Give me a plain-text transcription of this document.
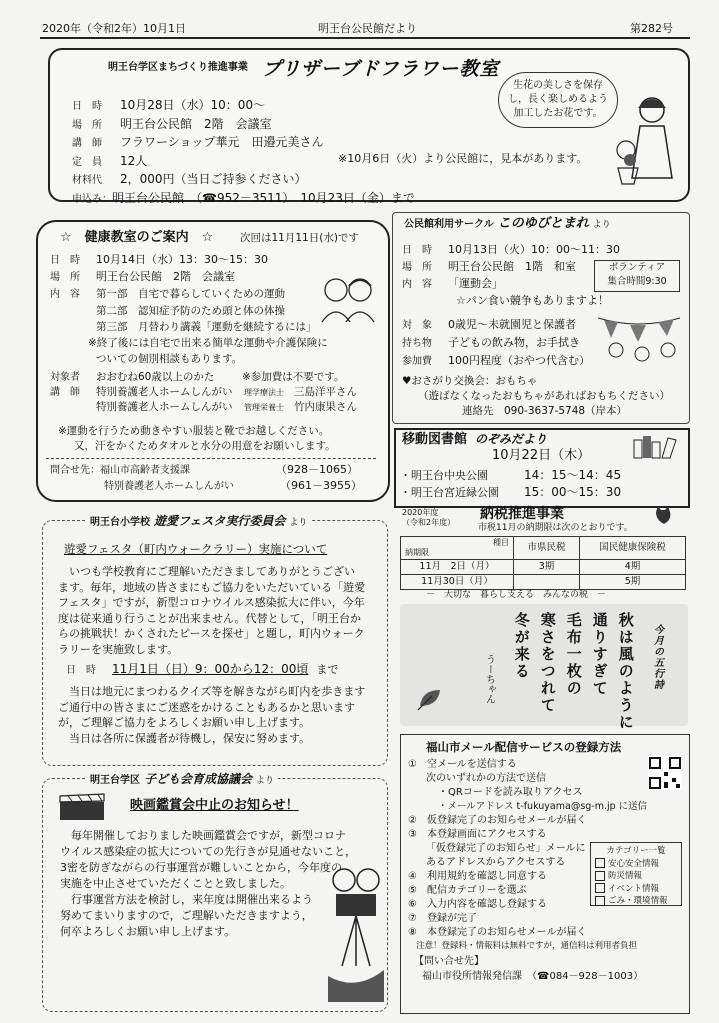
2020年（令和2年）10月1日	明王台公民館だより	第282号
明王台学区まちづくり推進事業 プリザーブドフラワー教室
日　時 10月28日（水）10：00～
場　所 明王台公民館　2階　会議室
講　師 フラワーショップ華元　田邉元美さん
定　員 12人
材料代 2，000円（当日ご持参ください）
申込み：明王台公民館　（☎952－3511）　10月23日（金）まで
※10月6日（火）より公民館に，見本があります。
生花の美しさを保存
し，長く楽しめるよう
加工したお花です。
☆　健康教室のご案内　☆	次回は11月11日(水)です
日　時 10月14日（水）13：30～15：30
場　所 明王台公民館　2階　会議室
内　容 第一部　自宅で暮らしていくための運動
第二部　認知症予防のため頭と体の体操
第三部　月替わり講義「運動を継続するには」
※終了後には自宅で出来る簡単な運動や介護保険に
ついての個別相談もあります。
対象者 おおむね60歳以上のかた	※参加費は不要です。
講　師 特別養護老人ホームしんがい 理学療法士 三島洋平さん
特別養護老人ホームしんがい 管理栄養士 竹内康果さん
※運動を行うため動きやすい服装と靴でお越しください。
又，汗をかくためタオルと水分の用意をお願いします。
問合せ先：福山市高齢者支援課	（928－1065）
特別養護老人ホームしんがい	（961－3955）
公民館利用サークル このゆびとまれ より
日　時 10月13日（火）10：00～11：30
場　所 明王台公民館　1階　和室
内　容 「運動会」
☆パン食い競争もありますよ！
ボランティア
集合時間9:30
対　象 0歳児～未就園児と保護者
持ち物 子どもの飲み物，お手拭き
参加費 100円程度（おやつ代含む）
♥おさがり交換会：おもちゃ
（遊ばなくなったおもちゃがあればおもちください）
連絡先　090-3637-5748（岸本）
移動図書館 のぞみだより
10月22日（木）
・明王台中央公園	14：15～14：45
・明王台宮近緑公園 15：00～15：30
2020年度
（令和2年度）
納税推進事業
市税11月の納期限は次のとおりです。
種目
納期限	市県民税	国民健康保険税
11月　2日（月）	3期	4期
11月30日（月）		5期
－　大切な　暮らし支える　みんなの税　－
今月の五行詩
秋は風のように
通りすぎて
毛布一枚の
寒さをつれて
冬が来る
うーちゃん
明王台小学校 遊愛フェスタ実行委員会 より
遊愛フェスタ（町内ウォークラリー）実施について
いつも学校教育にご理解いただきましてありがとうござい
ます。毎年，地域の皆さまにもご協力をいただいている「遊愛
フェスタ」ですが，新型コロナウイルス感染拡大に伴い，今年
度は従来通り行うことが出来ません。代替として，「明王台か
らの挑戦状！かくされたピースを探せ」と題し，町内ウォーク
ラリーを実施致します。
日　時 11月1日（日）9：00から12：00頃 まで
当日は地元にまつわるクイズ等を解きながら町内を歩きます
ご通行中の皆さまにご迷惑をかけることもあるかと思います
が，ご理解ご協力をよろしくお願い申し上げます。
当日は各所に保護者が待機し，保安に努めます。
明王台学区 子ども会育成協議会 より
映画鑑賞会中止のお知らせ！
毎年開催しておりました映画鑑賞会ですが，新型コロナ
ウイルス感染症の拡大についての先行きが見通せないこと，
3密を防ぎながらの行事運営が難しいことから，今年度の
実施を中止させていただくことと致しました。
行事運営方法を検討し，来年度は開催出来るよう
努めてまいりますので，ご理解いただきますよう，
何卒よろしくお願い申し上げます。
福山市メール配信サービスの登録方法
①　空メールを送信する
次のいずれかの方法で送信
・QRコードを読み取りアクセス
・メールアドレス t-fukuyama@sg-m.jp に送信
②　仮登録完了のお知らせメールが届く
③　本登録画面にアクセスする
「仮登録完了のお知らせ」メールに
あるアドレスからアクセスする
④　利用規約を確認し同意する
⑤　配信カテゴリーを選ぶ
⑥　入力内容を確認し登録する
⑦　登録が完了
⑧　本登録完了のお知らせメールが届く
カテゴリー一覧
安心安全情報
防災情報
イベント情報
ごみ・環境情報
注意！登録料・情報料は無料ですが，通信料は利用者負担
【問い合せ先】
福山市役所情報発信課　（☎084－928－1003）
